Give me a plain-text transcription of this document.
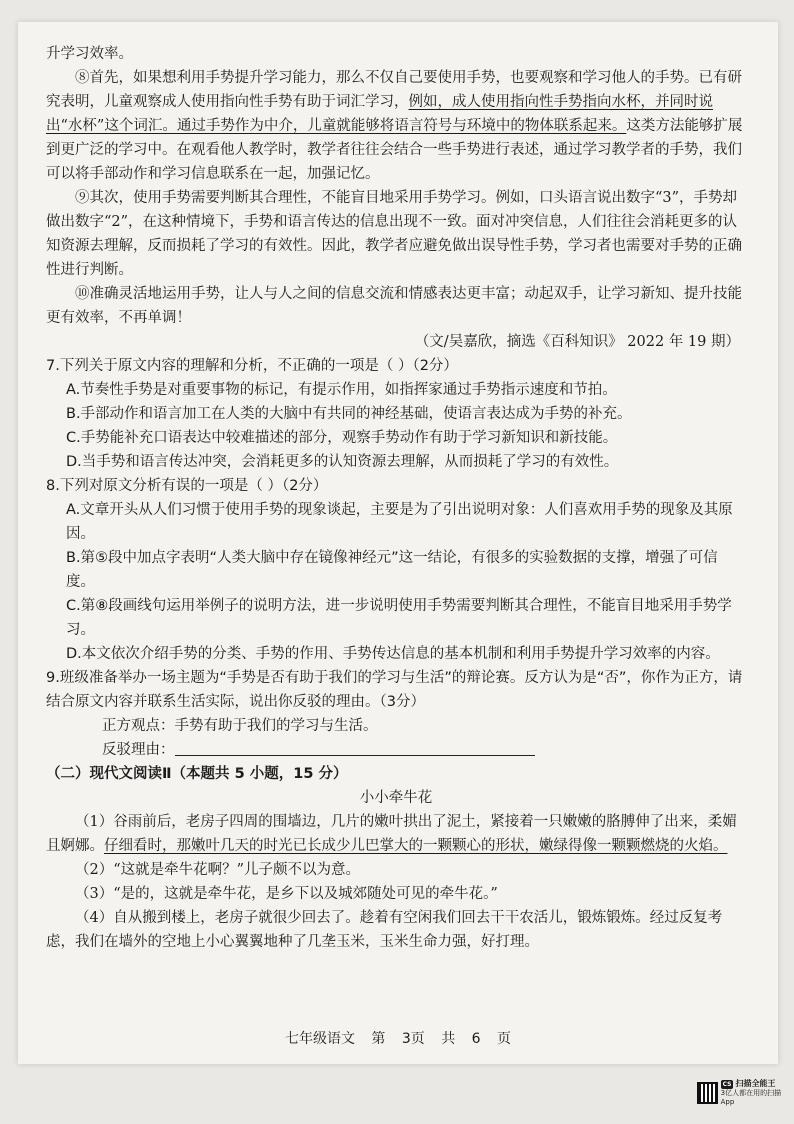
升学习效率。

⑧首先，如果想利用手势提升学习能力，那么不仅自己要使用手势，也要观察和学习他人的手势。已有研究表明，儿童观察成人使用指向性手势有助于词汇学习，例如，成人使用指向性手势指向水杯，并同时说出“水杯”这个词汇。通过手势作为中介，儿童就能够将语言符号与环境中的物体联系起来。这类方法能够扩展到更广泛的学习中。在观看他人教学时，教学者往往会结合一些手势进行表述，通过学习教学者的手势，我们可以将手部动作和学习信息联系在一起，加强记忆。

⑨其次，使用手势需要判断其合理性，不能盲目地采用手势学习。例如，口头语言说出数字“3”，手势却做出数字“2”，在这种情境下，手势和语言传达的信息出现不一致。面对冲突信息，人们往往会消耗更多的认知资源去理解，反而损耗了学习的有效性。因此，教学者应避免做出误导性手势，学习者也需要对手势的正确性进行判断。

⑩准确灵活地运用手势，让人与人之间的信息交流和情感表达更丰富；动起双手，让学习新知、提升技能更有效率，不再单调！

（文/吴嘉欣，摘选《百科知识》 2022 年 19 期）

7.下列关于原文内容的理解和分析，不正确的一项是（ ）（2分）

A.节奏性手势是对重要事物的标记，有提示作用，如指挥家通过手势指示速度和节拍。

B.手部动作和语言加工在人类的大脑中有共同的神经基础，使语言表达成为手势的补充。

C.手势能补充口语表达中较难描述的部分，观察手势动作有助于学习新知识和新技能。

D.当手势和语言传达冲突，会消耗更多的认知资源去理解，从而损耗了学习的有效性。

8.下列对原文分析有误的一项是（ ）（2分）

A.文章开头从人们习惯于使用手势的现象谈起，主要是为了引出说明对象：人们喜欢用手势的现象及其原因。

B.第⑤段中加点字表明“人类大脑中存在镜像神经元”这一结论，有很多的实验数据的支撑，增强了可信度。

C.第⑧段画线句运用举例子的说明方法，进一步说明使用手势需要判断其合理性，不能盲目地采用手势学习。

D.本文依次介绍手势的分类、手势的作用、手势传达信息的基本机制和利用手势提升学习效率的内容。

9.班级准备举办一场主题为“手势是否有助于我们的学习与生活”的辩论赛。反方认为是“否”，你作为正方，请结合原文内容并联系生活实际，说出你反驳的理由。（3分）

正方观点：手势有助于我们的学习与生活。

反驳理由：

（二）现代文阅读Ⅱ（本题共 5 小题，15 分）

小小牵牛花

（1）谷雨前后，老房子四周的围墙边，几片的嫩叶拱出了泥土，紧接着一只嫩嫩的胳膊伸了出来，柔媚且婀娜。仔细看时，那嫩叶几天的时光已长成少儿巴掌大的一颗颗心的形状，嫩绿得像一颗颗燃烧的火焰。

（2）“这就是牵牛花啊？”儿子颇不以为意。

（3）“是的，这就是牵牛花，是乡下以及城郊随处可见的牵牛花。”

（4）自从搬到楼上，老房子就很少回去了。趁着有空闲我们回去干干农活儿，锻炼锻炼。经过反复考虑，我们在墙外的空地上小心翼翼地种了几垄玉米，玉米生命力强，好打理。

七年级语文 第 3页 共 6 页
CS 扫描全能王
3亿人都在用的扫描App
